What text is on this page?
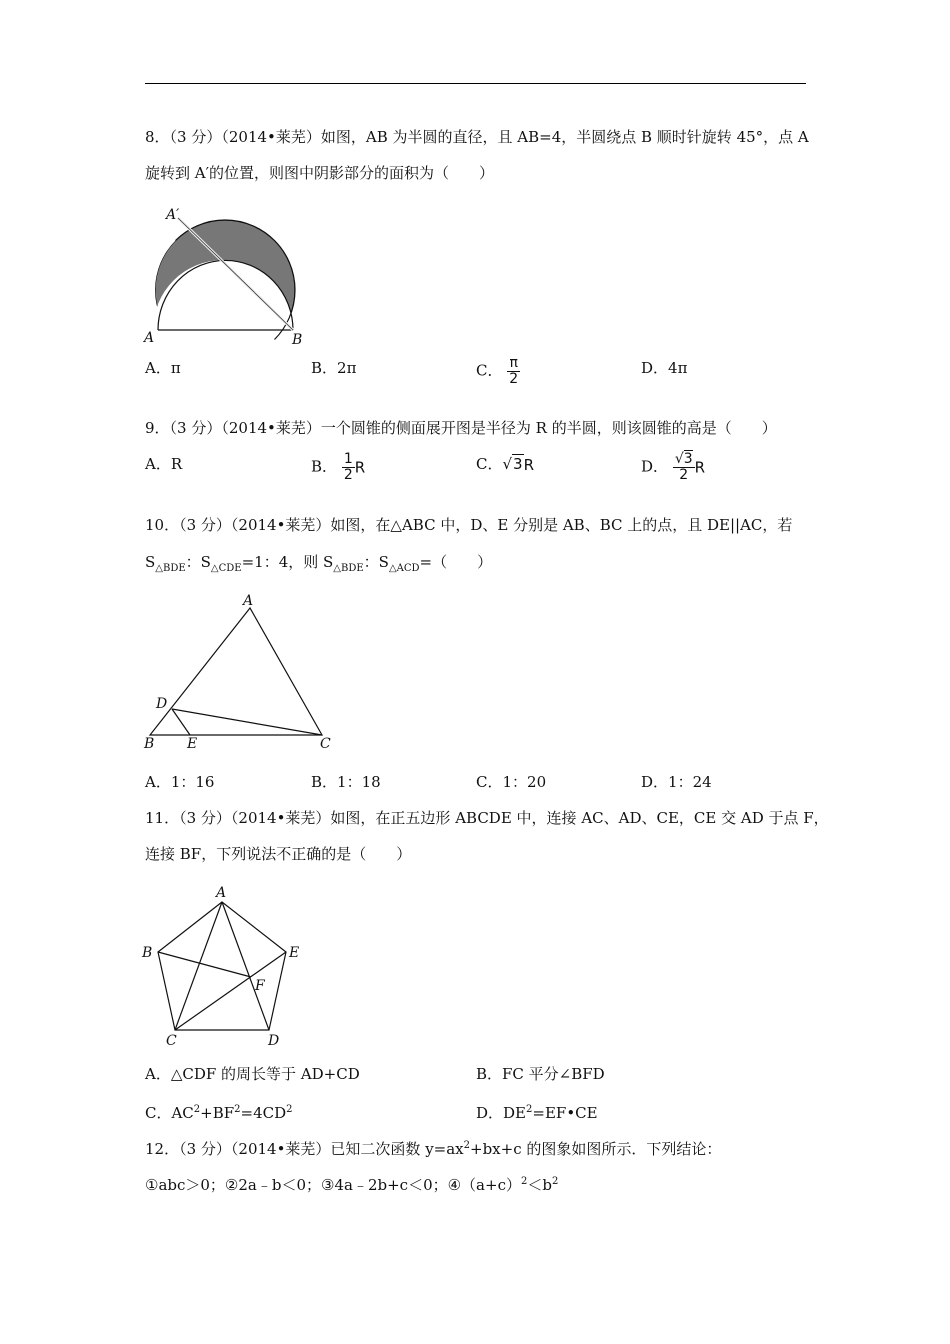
8．（3 分）（2014•莱芜）如图，AB 为半圆的直径，且 AB=4，半圆绕点 B 顺时针旋转 45°，点 A
旋转到 A′的位置，则图中阴影部分的面积为（　　）
A′
A	B
A．π	B．2π	C． $\frac{\pi}{2}$	D．4π
9．（3 分）（2014•莱芜）一个圆锥的侧面展开图是半径为 R 的半圆，则该圆锥的高是（　　）
A．R	B． $\frac{1}{2}$ R	C．√3R	D． $\frac{√3}{2}$ R
10．（3 分）（2014•莱芜）如图，在△ABC 中，D、E 分别是 AB、BC 上的点，且 DE||AC，若
$S_{\triangle BDE}$：$S_{\triangle CDE}=1$：4，则 $S_{\triangle BDE}$：$S_{\triangle ACD}=$（　　）
A
D
B E	C
A．1：16	B．1：18	C．1：20	D．1：24
11．（3 分）（2014•莱芜）如图，在正五边形 ABCDE 中，连接 AC、AD、CE，CE 交 AD 于点 F，
连接 BF，下列说法不正确的是（　　）
A
B	E
F
C	D
A．△CDF 的周长等于 AD+CD	B．FC 平分∠BFD
C．$AC^2+BF^2=4CD^2$	D．$DE^2=EF•CE$
12．（3 分）（2014•莱芜）已知二次函数 $y=ax^2+bx+c$ 的图象如图所示．下列结论：
①abc＞0；②2a﹣b＜0；③4a﹣2b+c＜0；$④(a+c)^2<b^2$
